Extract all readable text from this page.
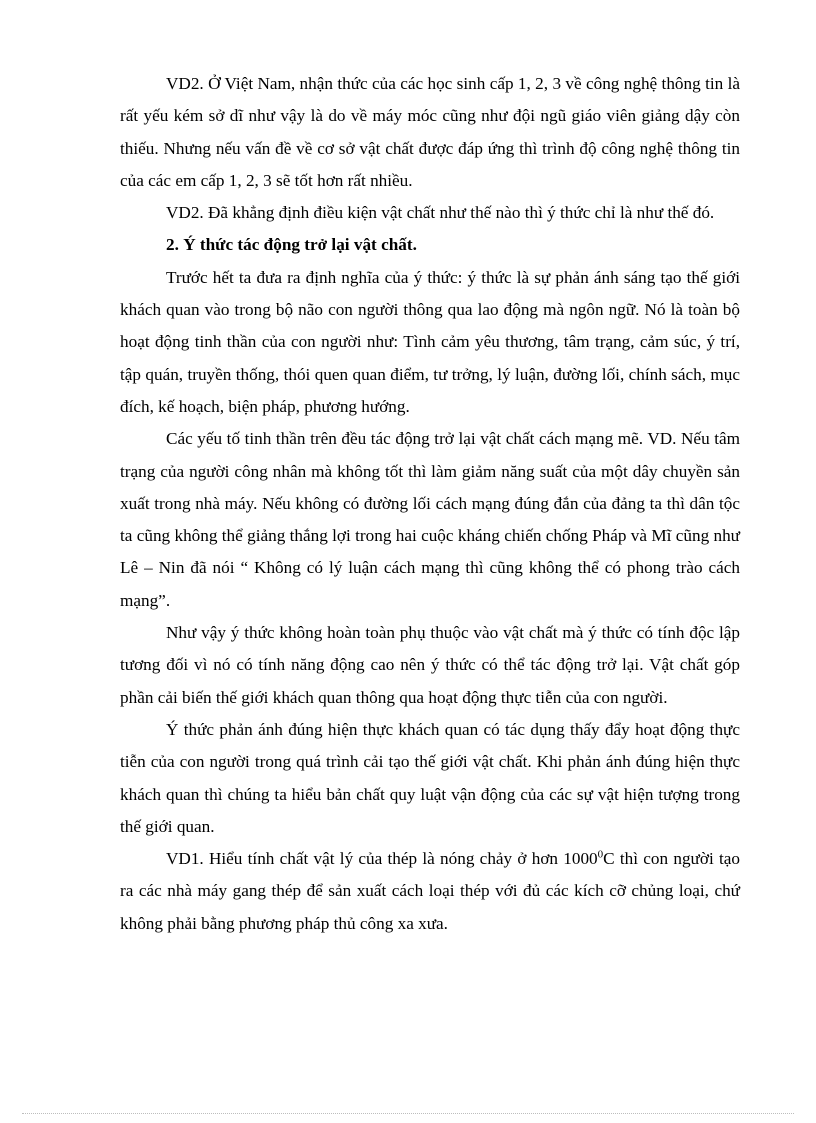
VD2. Ở Việt Nam, nhận thức của các học sinh cấp 1, 2, 3 về công nghệ thông tin là rất yếu kém sở dĩ như vậy là do về máy móc cũng như đội ngũ giáo viên giảng dậy còn thiếu. Nhưng nếu vấn đề về cơ sở vật chất được đáp ứng thì trình độ công nghệ thông tin của các em cấp 1, 2, 3 sẽ tốt hơn rất nhiều.

VD2. Đã khẳng định điều kiện vật chất như thế nào thì ý thức chỉ là như thế đó.

2. Ý thức tác động trở lại vật chất.

Trước hết ta đưa ra định nghĩa của ý thức: ý thức là sự phản ánh sáng tạo thế giới khách quan vào trong bộ não con người thông qua lao động mà ngôn ngữ. Nó là toàn bộ hoạt động tinh thần của con người như: Tình cảm yêu thương, tâm trạng, cảm súc, ý trí, tập quán, truyền thống, thói quen quan điểm, tư trởng, lý luận, đường lối, chính sách, mục đích, kế hoạch, biện pháp, phương hướng.

Các yếu tố tinh thần trên đều tác động trở lại vật chất cách mạng mẽ. VD. Nếu tâm trạng của người công nhân mà không tốt thì làm giảm năng suất của một dây chuyền sản xuất trong nhà máy. Nếu không có đường lối cách mạng đúng đắn của đảng ta thì dân tộc ta cũng không thể giảng thắng lợi trong hai cuộc kháng chiến chống Pháp và Mĩ cũng như Lê – Nin đã nói “ Không có lý luận cách mạng thì cũng không thể có phong trào cách mạng”.

Như vậy ý thức không hoàn toàn phụ thuộc vào vật chất mà ý thức có tính độc lập tương đối vì nó có tính năng động cao nên ý thức có thể tác động trở lại. Vật chất góp phần cải biến thế giới khách quan thông qua hoạt động thực tiễn của con người.

Ý thức phản ánh đúng hiện thực khách quan có tác dụng thấy đẩy hoạt động thực tiễn của con người trong quá trình cải tạo thế giới vật chất. Khi phản ánh đúng hiện thực khách quan thì chúng ta hiểu bản chất quy luật vận động của các sự vật hiện tượng trong thế giới quan.

VD1. Hiểu tính chất vật lý của thép là nóng chảy ở hơn 1000$^0$C thì con người tạo ra các nhà máy gang thép để sản xuất cách loại thép với đủ các kích cỡ chủng loại, chứ không phải bằng phương pháp thủ công xa xưa.
